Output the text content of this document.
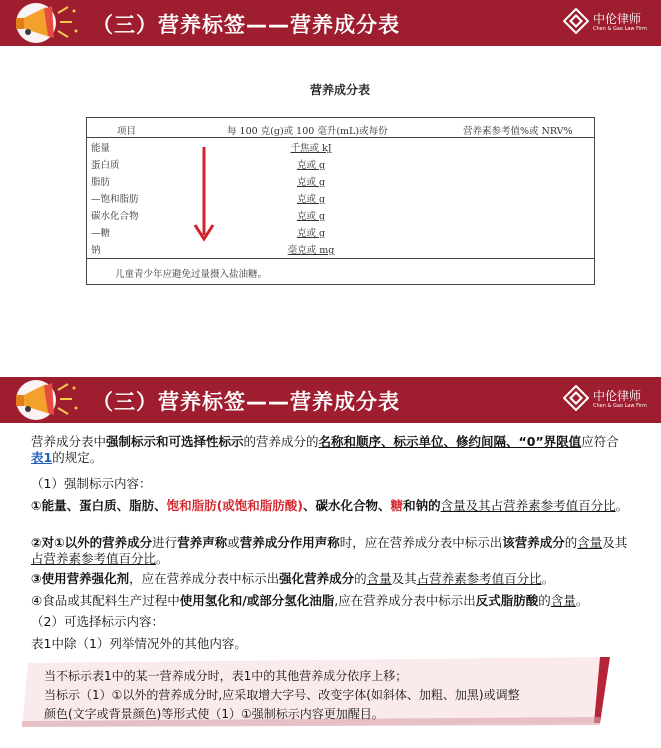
（三）营养标签——营养成分表	中伦律师
Chen & Gao Law Firm
营养成分表
项目	每 100 克(g)或 100 毫升(mL)或每份	营养素参考值%或 NRV%
能量	千焦或 kJ
蛋白质	克或 g
脂肪	克或 g
—饱和脂肪	克或 g
碳水化合物	克或 g
—糖	克或 g
钠	毫克或 mg
儿童青少年应避免过量摄入盐油糖。
（三）营养标签——营养成分表	中伦律师
Chen & Gao Law Firm
营养成分表中强制标示和可选择性标示的营养成分的名称和顺序、标示单位、修约间隔、“0”界限值应符合表1的规定。
（1）强制标示内容：
①能量、蛋白质、脂肪、饱和脂肪(或饱和脂肪酸)、碳水化合物、糖和钠的含量及其占营养素参考值百分比。
②对①以外的营养成分进行营养声称或营养成分作用声称时，应在营养成分表中标示出该营养成分的含量及其占营养素参考值百分比。
③使用营养强化剂，应在营养成分表中标示出强化营养成分的含量及其占营养素参考值百分比。
④食品或其配料生产过程中使用氢化和/或部分氢化油脂,应在营养成分表中标示出反式脂肪酸的含量。
（2）可选择标示内容：
表1中除（1）列举情况外的其他内容。
当不标示表1中的某一营养成分时，表1中的其他营养成分依序上移；
当标示（1）①以外的营养成分时,应采取增大字号、改变字体(如斜体、加粗、加黑)或调整
颜色(文字或背景颜色)等形式使（1）①强制标示内容更加醒目。
